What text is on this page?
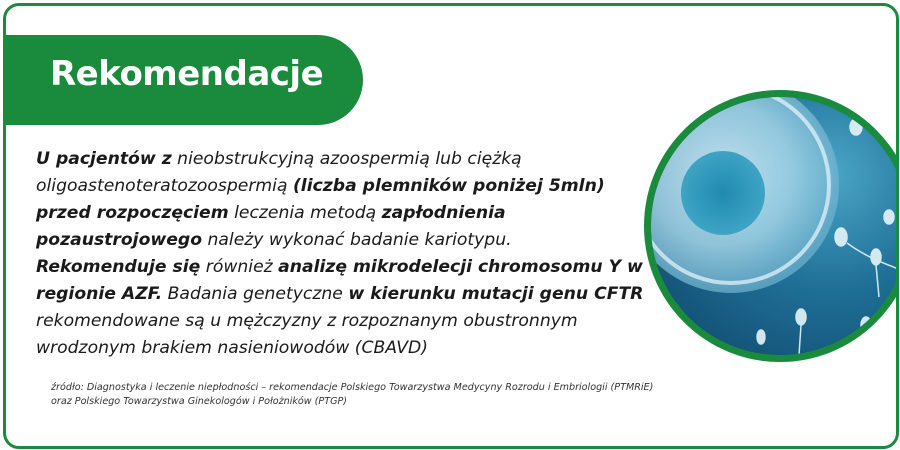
Rekomendacje
U pacjentów z nieobstrukcyjną azoospermią lub ciężką oligoastenoteratozoospermią (liczba plemników poniżej 5mln) przed rozpoczęciem leczenia metodą zapłodnienia pozaustrojowego należy wykonać badanie kariotypu. Rekomenduje się również analizę mikrodelecji chromosomu Y w regionie AZF. Badania genetyczne w kierunku mutacji genu CFTR rekomendowane są u mężczyzny z rozpoznanym obustronnym wrodzonym brakiem nasieniowodów (CBAVD)
źródło: Diagnostyka i leczenie niepłodności – rekomendacje Polskiego Towarzystwa Medycyny Rozrodu i Embriologii (PTMRiE)
oraz Polskiego Towarzystwa Ginekologów i Położników (PTGP)
